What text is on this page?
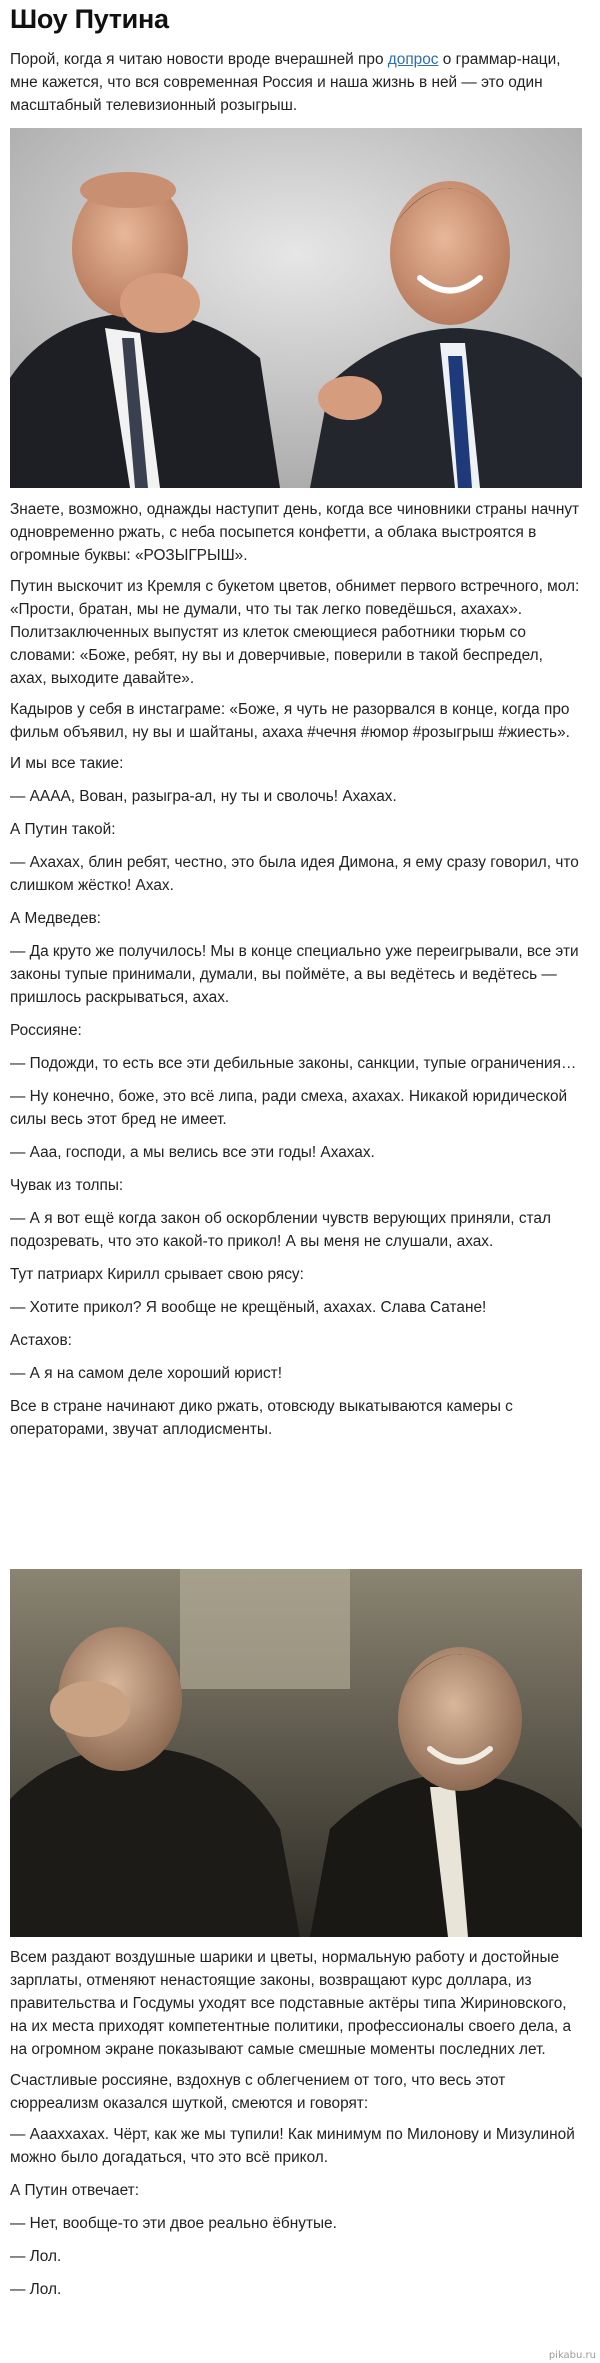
Шоу Путина

Порой, когда я читаю новости вроде вчерашней про допрос о граммар-наци, мне кажется, что вся современная Россия и наша жизнь в ней — это один масштабный телевизионный розыгрыш.

Знаете, возможно, однажды наступит день, когда все чиновники страны начнут одновременно ржать, с неба посыпется конфетти, а облака выстроятся в огромные буквы: «РОЗЫГРЫШ».

Путин выскочит из Кремля с букетом цветов, обнимет первого встречного, мол: «Прости, братан, мы не думали, что ты так легко поведёшься, ахахах». Политзаключенных выпустят из клеток смеющиеся работники тюрьм со словами: «Боже, ребят, ну вы и доверчивые, поверили в такой беспредел, ахах, выходите давайте».

Кадыров у себя в инстаграме: «Боже, я чуть не разорвался в конце, когда про фильм объявил, ну вы и шайтаны, ахаха #чечня #юмор #розыгрыш #жиесть».

И мы все такие:

— АААА, Вован, разыгра-ал, ну ты и сволочь! Ахахах.

А Путин такой:

— Ахахах, блин ребят, честно, это была идея Димона, я ему сразу говорил, что слишком жёстко! Ахах.

А Медведев:

— Да круто же получилось! Мы в конце специально уже переигрывали, все эти законы тупые принимали, думали, вы поймёте, а вы ведётесь и ведётесь — пришлось раскрываться, ахах.

Россияне:

— Подожди, то есть все эти дебильные законы, санкции, тупые ограничения…

— Ну конечно, боже, это всё липа, ради смеха, ахахах. Никакой юридической силы весь этот бред не имеет.

— Ааа, господи, а мы велись все эти годы! Ахахах.

Чувак из толпы:

— А я вот ещё когда закон об оскорблении чувств верующих приняли, стал подозревать, что это какой-то прикол! А вы меня не слушали, ахах.

Тут патриарх Кирилл срывает свою рясу:

— Хотите прикол? Я вообще не крещёный, ахахах. Слава Сатане!

Астахов:

— А я на самом деле хороший юрист!

Все в стране начинают дико ржать, отовсюду выкатываются камеры с операторами, звучат аплодисменты.

Всем раздают воздушные шарики и цветы, нормальную работу и достойные зарплаты, отменяют ненастоящие законы, возвращают курс доллара, из правительства и Госдумы уходят все подставные актёры типа Жириновского, на их места приходят компетентные политики, профессионалы своего дела, а на огромном экране показывают самые смешные моменты последних лет.

Счастливые россияне, вздохнув с облегчением от того, что весь этот сюрреализм оказался шуткой, смеются и говорят:

— Аааххахах. Чёрт, как же мы тупили! Как минимум по Милонову и Мизулиной можно было догадаться, что это всё прикол.

А Путин отвечает:

— Нет, вообще-то эти двое реально ёбнутые.

— Лол.

— Лол.

pikabu.ru
